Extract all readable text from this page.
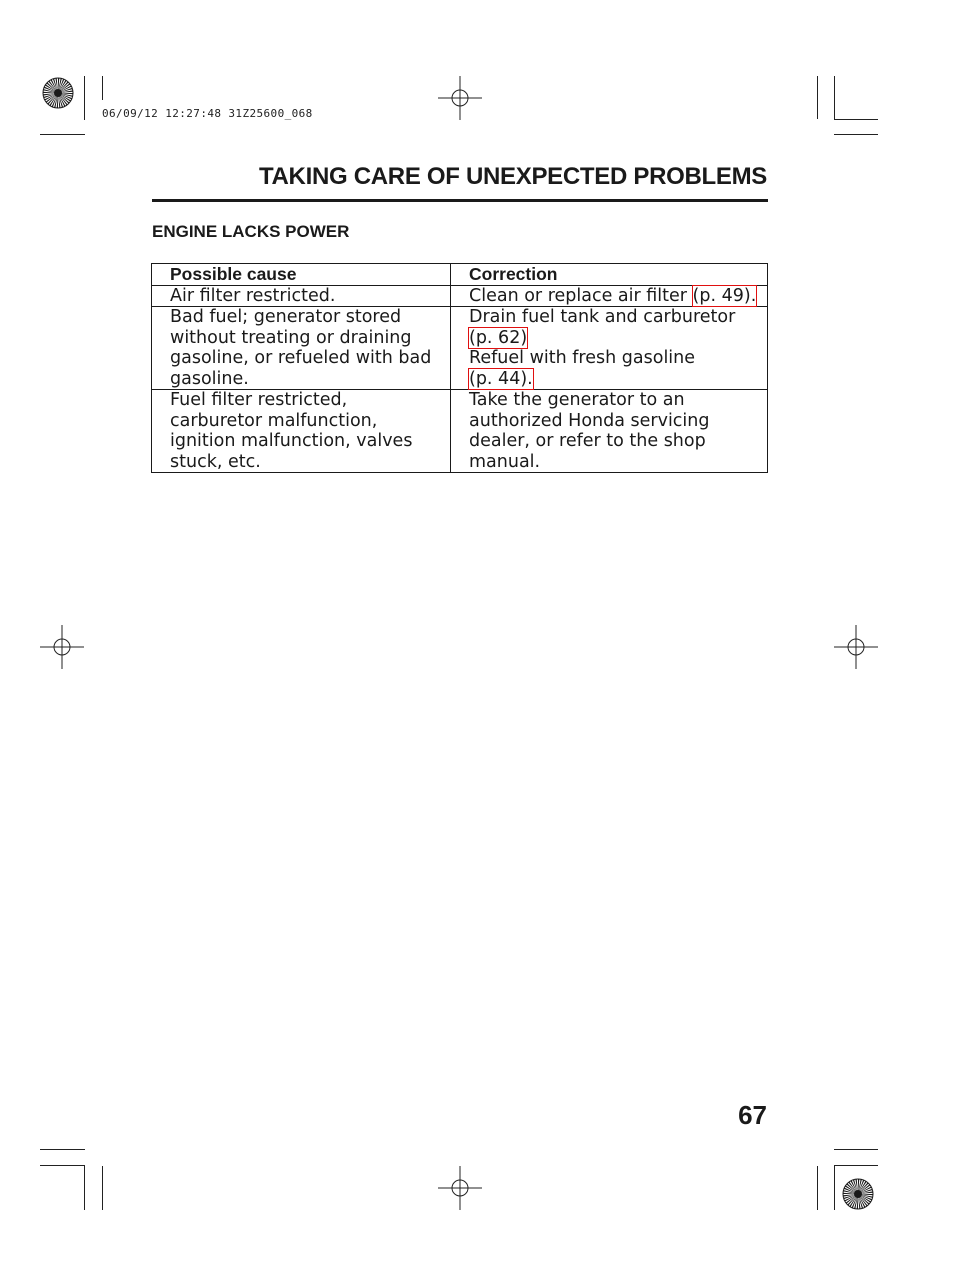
06/09/12 12:27:48 31Z25600_068
TAKING CARE OF UNEXPECTED PROBLEMS
ENGINE LACKS POWER
Possible cause	Correction

Air filter restricted.	Clean or replace air filter (p. 49).

Bad fuel; generator stored
without treating or draining
gasoline, or refueled with bad
gasoline.	Drain fuel tank and carburetor
(p. 62)
Refuel with fresh gasoline
(p. 44).

Fuel filter restricted,
carburetor malfunction,
ignition malfunction, valves
stuck, etc.	Take the generator to an
authorized Honda servicing
dealer, or refer to the shop
manual.
67
